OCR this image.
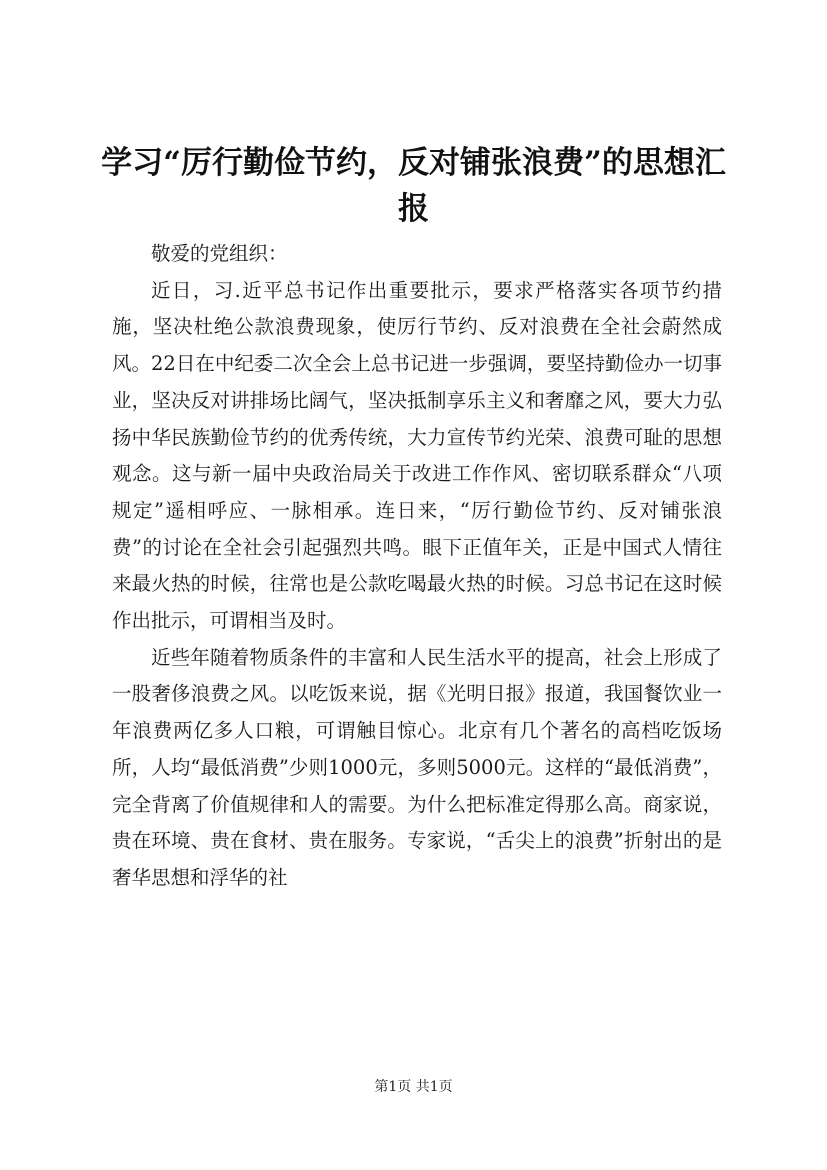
学习“厉行勤俭节约，反对铺张浪费”的思想汇报

敬爱的党组织：

近日，习.近平总书记作出重要批示，要求严格落实各项节约措施，坚决杜绝公款浪费现象，使厉行节约、反对浪费在全社会蔚然成风。22日在中纪委二次全会上总书记进一步强调，要坚持勤俭办一切事业，坚决反对讲排场比阔气，坚决抵制享乐主义和奢靡之风，要大力弘扬中华民族勤俭节约的优秀传统，大力宣传节约光荣、浪费可耻的思想观念。这与新一届中央政治局关于改进工作作风、密切联系群众“八项规定”遥相呼应、一脉相承。连日来，“厉行勤俭节约、反对铺张浪费”的讨论在全社会引起强烈共鸣。眼下正值年关，正是中国式人情往来最火热的时候，往常也是公款吃喝最火热的时候。习总书记在这时候作出批示，可谓相当及时。

近些年随着物质条件的丰富和人民生活水平的提高，社会上形成了一股奢侈浪费之风。以吃饭来说，据《光明日报》报道，我国餐饮业一年浪费两亿多人口粮，可谓触目惊心。北京有几个著名的高档吃饭场所，人均“最低消费”少则1000元，多则5000元。这样的“最低消费”，完全背离了价值规律和人的需要。为什么把标准定得那么高。商家说，贵在环境、贵在食材、贵在服务。专家说，“舌尖上的浪费”折射出的是奢华思想和浮华的社

第1页 共1页
